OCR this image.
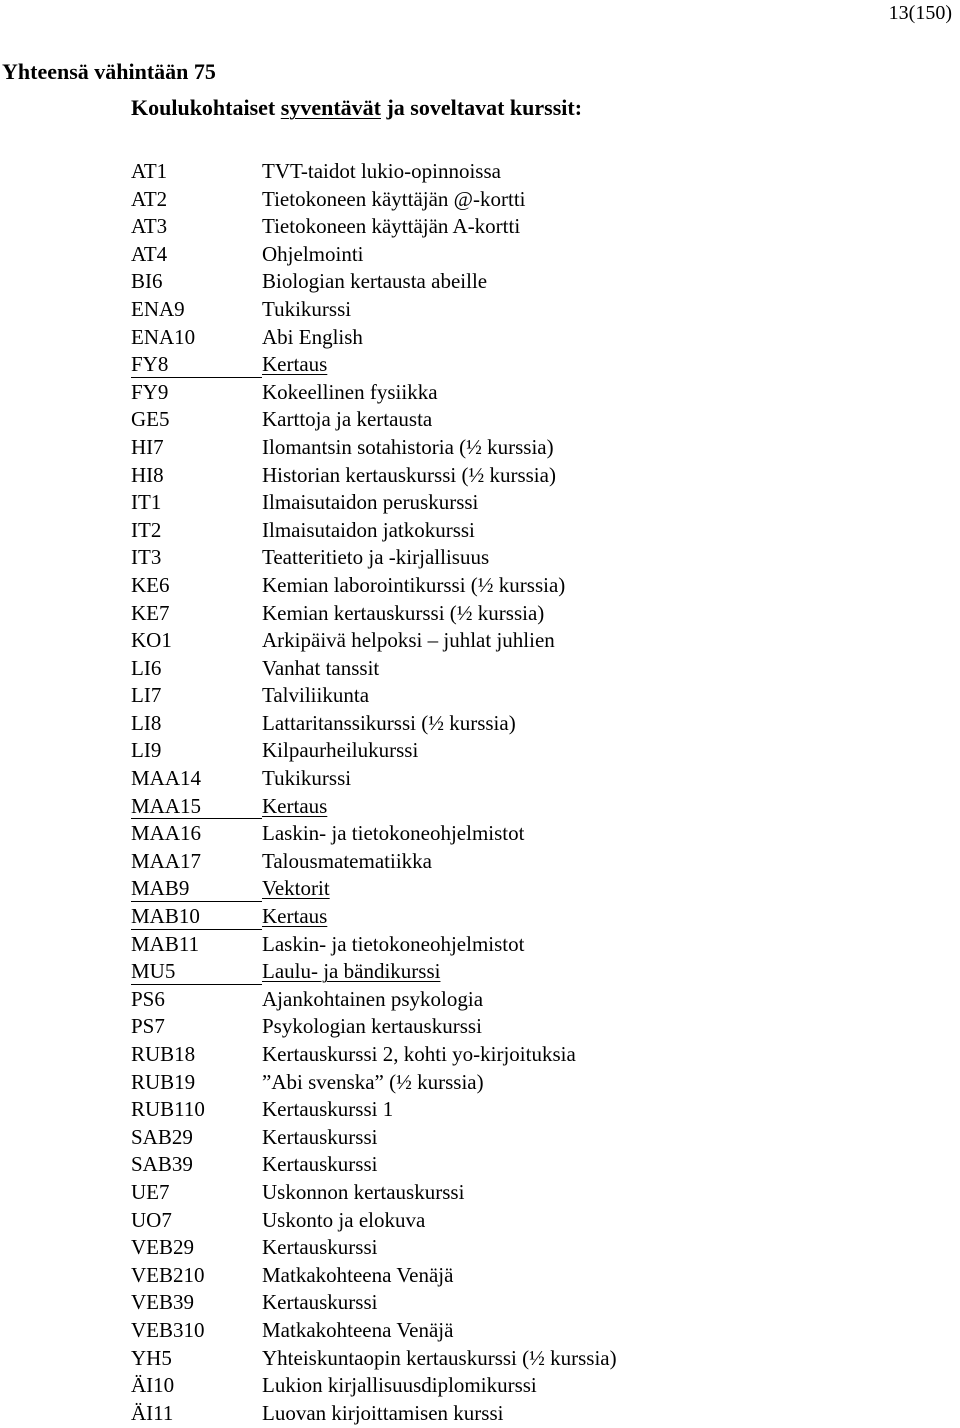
13(150)
Yhteensä vähintään 75
Koulukohtaiset syventävät ja soveltavat kurssit:
AT1	TVT-taidot lukio-opinnoissa
AT2	Tietokoneen käyttäjän @-kortti
AT3	Tietokoneen käyttäjän A-kortti
AT4	Ohjelmointi
BI6	Biologian kertausta abeille
ENA9	Tukikurssi
ENA10	Abi English
FY8	Kertaus
FY9	Kokeellinen fysiikka
GE5	Karttoja ja kertausta
HI7	Ilomantsin sotahistoria (½ kurssia)
HI8	Historian kertauskurssi (½ kurssia)
IT1	Ilmaisutaidon peruskurssi
IT2	Ilmaisutaidon jatkokurssi
IT3	Teatteritieto ja -kirjallisuus
KE6	Kemian laborointikurssi (½ kurssia)
KE7	Kemian kertauskurssi (½ kurssia)
KO1	Arkipäivä helpoksi – juhlat juhlien
LI6	Vanhat tanssit
LI7	Talviliikunta
LI8	Lattaritanssikurssi (½ kurssia)
LI9	Kilpaurheilukurssi
MAA14	Tukikurssi
MAA15	Kertaus
MAA16	Laskin- ja tietokoneohjelmistot
MAA17	Talousmatematiikka
MAB9	Vektorit
MAB10	Kertaus
MAB11	Laskin- ja tietokoneohjelmistot
MU5	Laulu- ja bändikurssi
PS6	Ajankohtainen psykologia
PS7	Psykologian kertauskurssi
RUB18	Kertauskurssi 2, kohti yo-kirjoituksia
RUB19	”Abi svenska” (½ kurssia)
RUB110	Kertauskurssi 1
SAB29	Kertauskurssi
SAB39	Kertauskurssi
UE7	Uskonnon kertauskurssi
UO7	Uskonto ja elokuva
VEB29	Kertauskurssi
VEB210	Matkakohteena Venäjä
VEB39	Kertauskurssi
VEB310	Matkakohteena Venäjä
YH5	Yhteiskuntaopin kertauskurssi (½ kurssia)
ÄI10	Lukion kirjallisuusdiplomikurssi
ÄI11	Luovan kirjoittamisen kurssi
